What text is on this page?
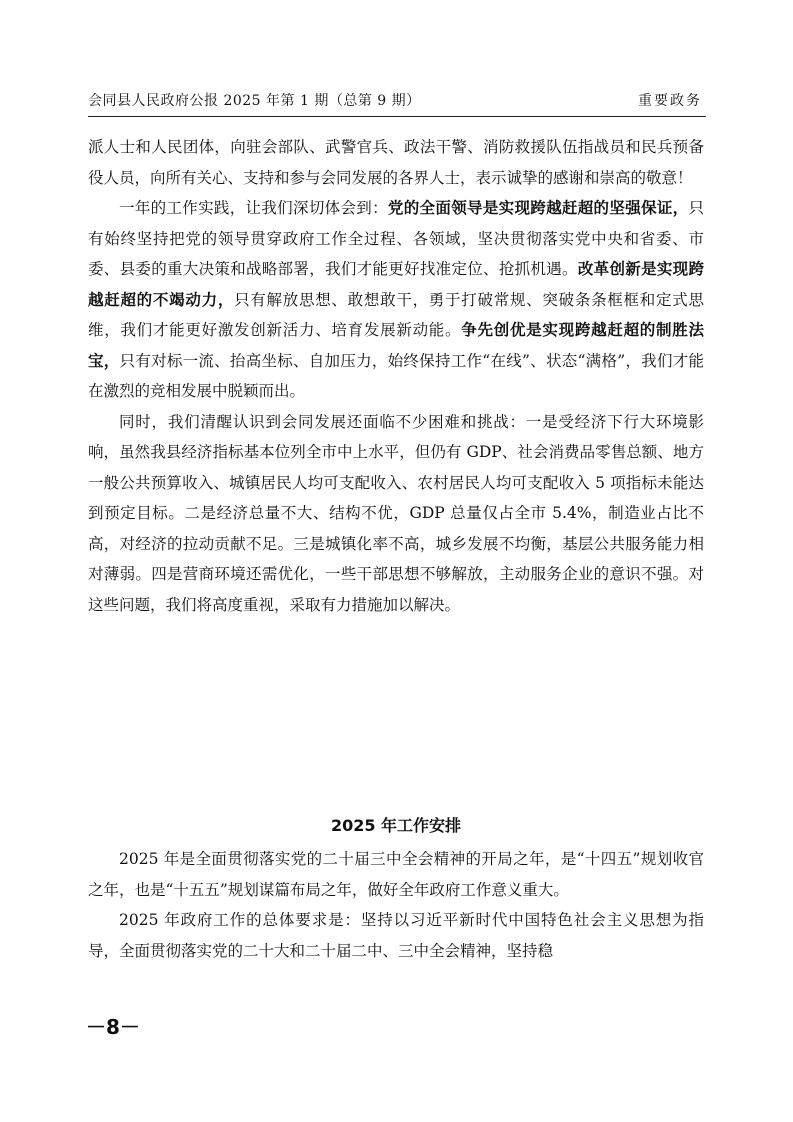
会同县人民政府公报 2025 年第 1 期（总第 9 期）	重要政务

派人士和人民团体，向驻会部队、武警官兵、政法干警、消防救援队伍指战员和民兵预备役人员，向所有关心、支持和参与会同发展的各界人士，表示诚挚的感谢和崇高的敬意！

一年的工作实践，让我们深切体会到：党的全面领导是实现跨越赶超的坚强保证，只有始终坚持把党的领导贯穿政府工作全过程、各领域，坚决贯彻落实党中央和省委、市委、县委的重大决策和战略部署，我们才能更好找准定位、抢抓机遇。改革创新是实现跨越赶超的不竭动力，只有解放思想、敢想敢干，勇于打破常规、突破条条框框和定式思维，我们才能更好激发创新活力、培育发展新动能。争先创优是实现跨越赶超的制胜法宝，只有对标一流、抬高坐标、自加压力，始终保持工作“在线”、状态“满格”，我们才能在激烈的竞相发展中脱颖而出。

同时，我们清醒认识到会同发展还面临不少困难和挑战：一是受经济下行大环境影响，虽然我县经济指标基本位列全市中上水平，但仍有 GDP、社会消费品零售总额、地方一般公共预算收入、城镇居民人均可支配收入、农村居民人均可支配收入 5 项指标未能达到预定目标。二是经济总量不大、结构不优，GDP 总量仅占全市 5.4%，制造业占比不高，对经济的拉动贡献不足。三是城镇化率不高，城乡发展不均衡，基层公共服务能力相对薄弱。四是营商环境还需优化，一些干部思想不够解放，主动服务企业的意识不强。对这些问题，我们将高度重视，采取有力措施加以解决。

2025 年工作安排

2025 年是全面贯彻落实党的二十届三中全会精神的开局之年，是“十四五”规划收官之年，也是“十五五”规划谋篇布局之年，做好全年政府工作意义重大。

2025 年政府工作的总体要求是：坚持以习近平新时代中国特色社会主义思想为指导，全面贯彻落实党的二十大和二十届二中、三中全会精神，坚持稳

－8－
